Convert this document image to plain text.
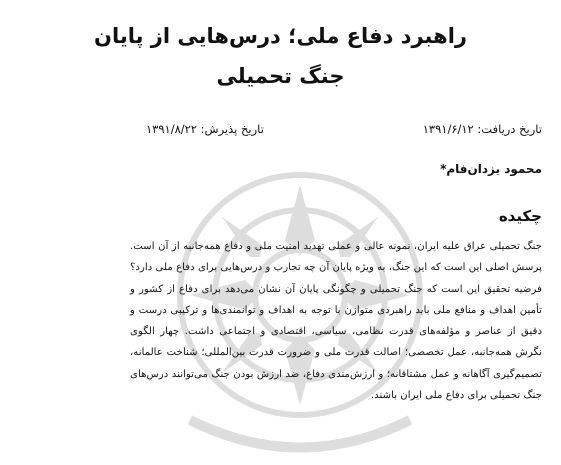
راهبرد دفاع ملی؛ درس‌هایی از پایان
جنگ تحمیلی
تاریخ دریافت: ۱۳۹۱/۶/۱۲
تاریخ پذیرش: ۱۳۹۱/۸/۲۲
محمود یزدان‌فام*
چکیده

جنگ تحمیلی عراق علیه ایران، نمونه عالی و عملی تهدید امنیت ملی و دفاع همه‌جانبه از آن است. پرسش اصلی این است که این جنگ، به ویژه پایان آن چه تجارب و درس‌هایی برای دفاع ملی دارد؟ فرضیه تحقیق این است که جنگ تحمیلی و چگونگی پایان آن نشان می‌دهد برای دفاع از کشور و تأمین اهداف و منافع ملی باید راهبردی متوازن با توجه به اهداف و توانمندی‌ها و ترکیبی درست و دقیق از عناصر و مؤلفه‌های قدرت نظامی، سیاسی، اقتصادی و اجتماعی داشت. چهار الگوی نگرش همه‌جانبه، عمل تخصصی؛ اصالت قدرت ملی و ضرورت قدرت بین‌المللی؛ شناخت عالمانه، تصمیم‌گیری آگاهانه و عمل مشتاقانه؛ و ارزش‌مندی دفاع، ضد ارزش بودن جنگ می‌توانند درس‌های جنگ تحمیلی برای دفاع ملی ایران باشند.
